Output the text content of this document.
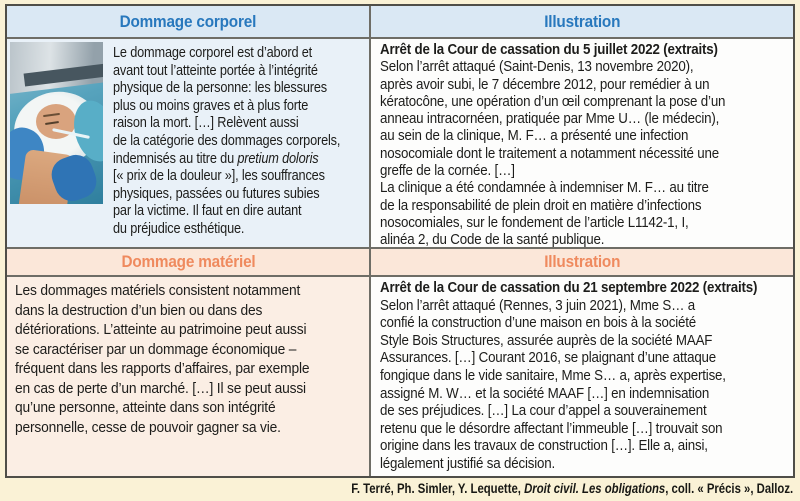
Dommage corporel	Illustration
Le dommage corporel est d’abord et
avant tout l’atteinte portée à l’intégrité
physique de la personne: les blessures
plus ou moins graves et à plus forte
raison la mort. […] Relèvent aussi
de la catégorie des dommages corporels,
indemnisés au titre du pretium doloris
[« prix de la douleur »], les souffrances
physiques, passées ou futures subies
par la victime. Il faut en dire autant
du préjudice esthétique.
Arrêt de la Cour de cassation du 5 juillet 2022 (extraits)
Selon l’arrêt attaqué (Saint-Denis, 13 novembre 2020),
après avoir subi, le 7 décembre 2012, pour remédier à un
kératocône, une opération d’un œil comprenant la pose d’un
anneau intracornéen, pratiquée par Mme U… (le médecin),
au sein de la clinique, M. F… a présenté une infection
nosocomiale dont le traitement a notamment nécessité une
greffe de la cornée. […]
La clinique a été condamnée à indemniser M. F… au titre
de la responsabilité de plein droit en matière d’infections
nosocomiales, sur le fondement de l’article L1142-1, I,
alinéa 2, du Code de la santé publique.
Dommage matériel	Illustration
Les dommages matériels consistent notamment
dans la destruction d’un bien ou dans des
détériorations. L’atteinte au patrimoine peut aussi
se caractériser par un dommage économique –
fréquent dans les rapports d’affaires, par exemple
en cas de perte d’un marché. […] Il se peut aussi
qu’une personne, atteinte dans son intégrité
personnelle, cesse de pouvoir gagner sa vie.
Arrêt de la Cour de cassation du 21 septembre 2022 (extraits)
Selon l’arrêt attaqué (Rennes, 3 juin 2021), Mme S… a
confié la construction d’une maison en bois à la société
Style Bois Structures, assurée auprès de la société MAAF
Assurances. […] Courant 2016, se plaignant d’une attaque
fongique dans le vide sanitaire, Mme S… a, après expertise,
assigné M. W… et la société MAAF […] en indemnisation
de ses préjudices. […] La cour d’appel a souverainement
retenu que le désordre affectant l’immeuble […] trouvait son
origine dans les travaux de construction […]. Elle a, ainsi,
légalement justifié sa décision.
F. Terré, Ph. Simler, Y. Lequette, Droit civil. Les obligations, coll. « Précis », Dalloz.
